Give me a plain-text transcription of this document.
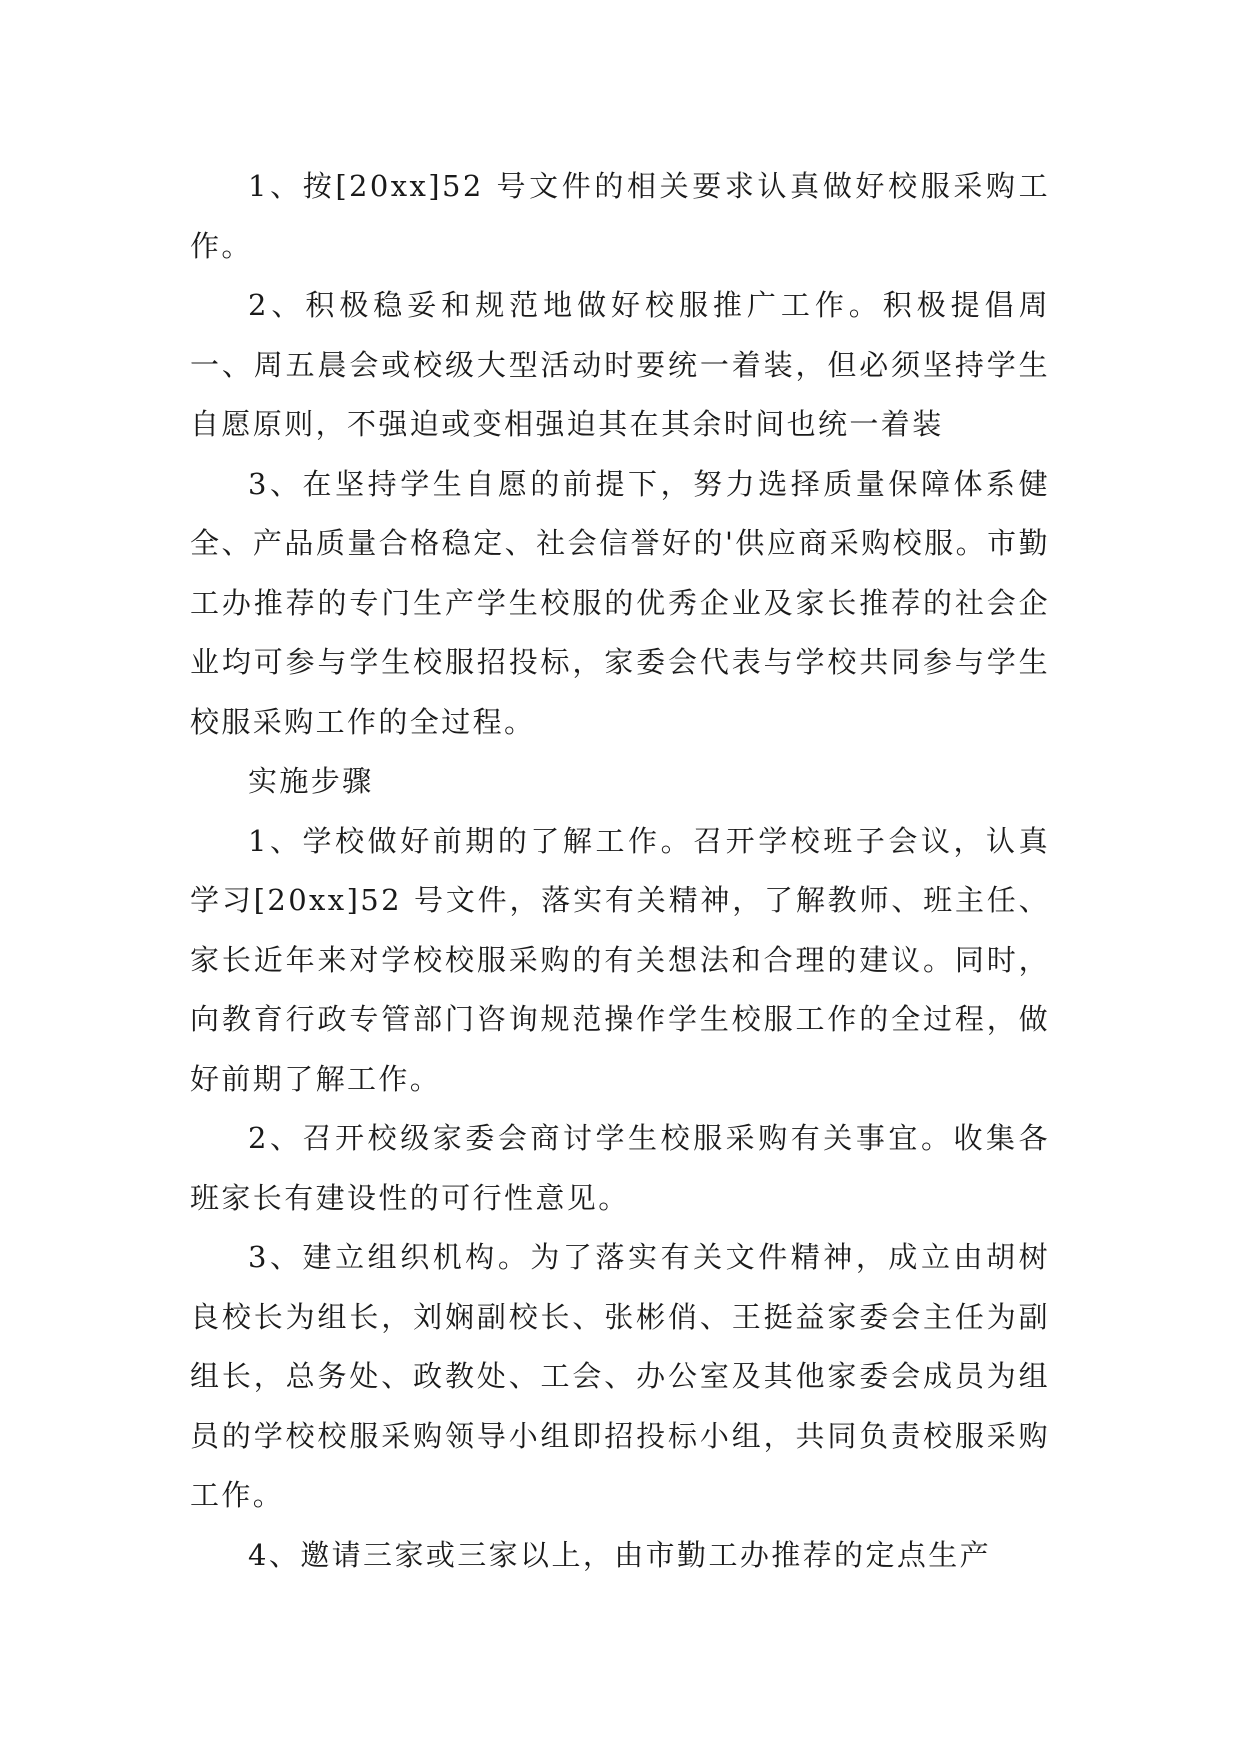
1、按[20xx]52 号文件的相关要求认真做好校服采购工作。

2、积极稳妥和规范地做好校服推广工作。积极提倡周一、周五晨会或校级大型活动时要统一着装，但必须坚持学生自愿原则，不强迫或变相强迫其在其余时间也统一着装

3、在坚持学生自愿的前提下，努力选择质量保障体系健全、产品质量合格稳定、社会信誉好的'供应商采购校服。市勤工办推荐的专门生产学生校服的优秀企业及家长推荐的社会企业均可参与学生校服招投标，家委会代表与学校共同参与学生校服采购工作的全过程。

实施步骤

1、学校做好前期的了解工作。召开学校班子会议，认真学习[20xx]52 号文件，落实有关精神，了解教师、班主任、家长近年来对学校校服采购的有关想法和合理的建议。同时，向教育行政专管部门咨询规范操作学生校服工作的全过程，做好前期了解工作。

2、召开校级家委会商讨学生校服采购有关事宜。收集各班家长有建设性的可行性意见。

3、建立组织机构。为了落实有关文件精神，成立由胡树良校长为组长，刘娴副校长、张彬俏、王挺益家委会主任为副组长，总务处、政教处、工会、办公室及其他家委会成员为组员的学校校服采购领导小组即招投标小组，共同负责校服采购工作。

4、邀请三家或三家以上，由市勤工办推荐的定点生产
